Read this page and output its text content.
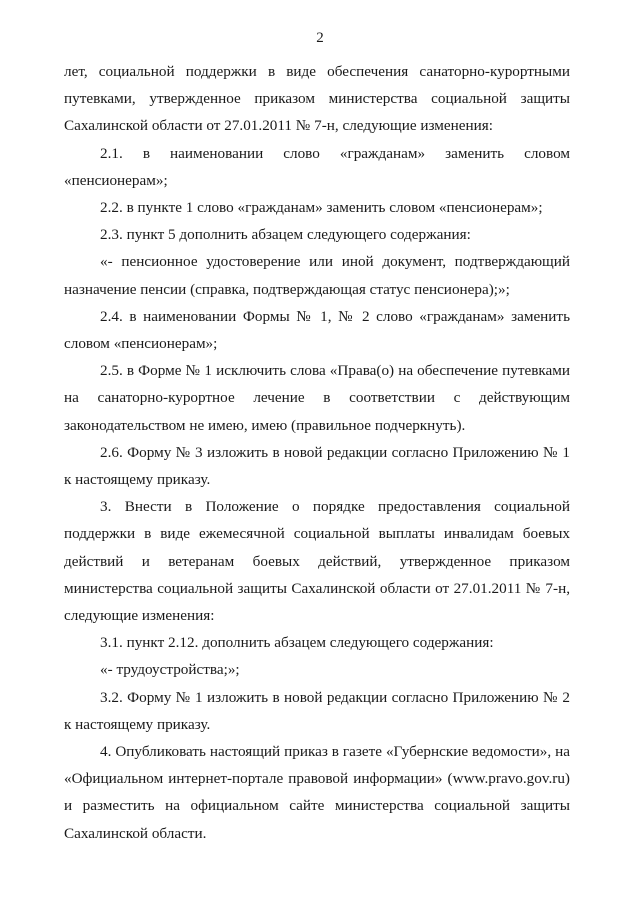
2

лет, социальной поддержки в виде обеспечения санаторно-курортными путевками, утвержденное приказом министерства социальной защиты Сахалинской области от 27.01.2011 № 7-н, следующие изменения:

2.1. в наименовании слово «гражданам» заменить словом «пенсионерам»;

2.2. в пункте 1 слово «гражданам» заменить словом «пенсионерам»;

2.3. пункт 5 дополнить абзацем следующего содержания:

«- пенсионное удостоверение или иной документ, подтверждающий назначение пенсии (справка, подтверждающая статус пенсионера);»;

2.4. в наименовании Формы № 1, № 2 слово «гражданам» заменить словом «пенсионерам»;

2.5. в Форме № 1 исключить слова «Права(о) на обеспечение путевками на санаторно-курортное лечение в соответствии с действующим законодательством не имею, имею (правильное подчеркнуть).

2.6. Форму № 3 изложить в новой редакции согласно Приложению № 1 к настоящему приказу.

3. Внести в Положение о порядке предоставления социальной поддержки в виде ежемесячной социальной выплаты инвалидам боевых действий и ветеранам боевых действий, утвержденное приказом министерства социальной защиты Сахалинской области от 27.01.2011 № 7-н, следующие изменения:

3.1. пункт 2.12. дополнить абзацем следующего содержания:

«- трудоустройства;»;

3.2. Форму № 1 изложить в новой редакции согласно Приложению № 2 к настоящему приказу.

4. Опубликовать настоящий приказ в газете «Губернские ведомости», на «Официальном интернет-портале правовой информации» (www.pravo.gov.ru) и разместить на официальном сайте министерства социальной защиты Сахалинской области.
